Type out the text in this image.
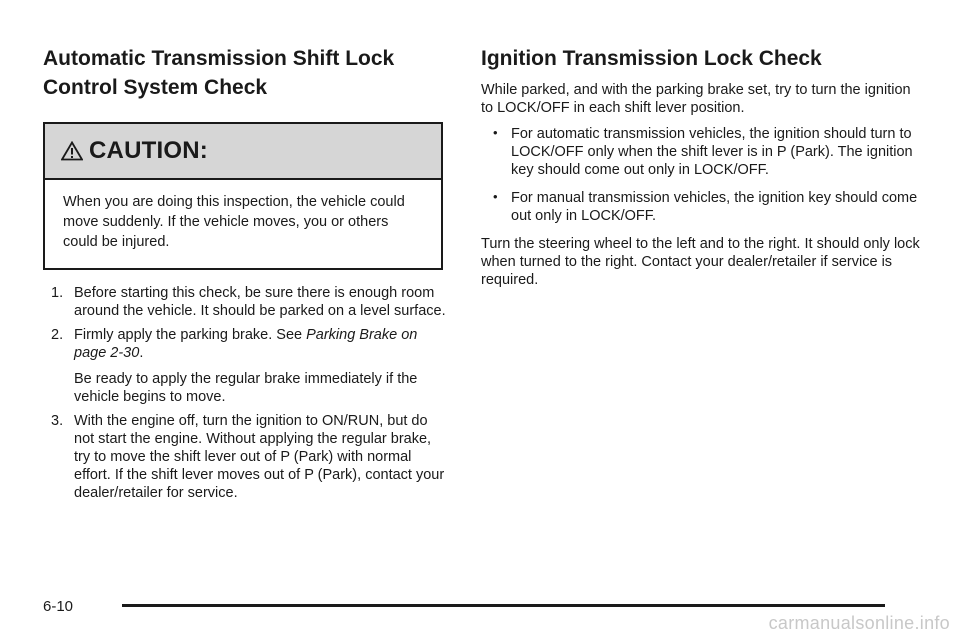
Automatic Transmission Shift Lock Control System Check
CAUTION:
When you are doing this inspection, the vehicle could move suddenly. If the vehicle moves, you or others could be injured.
1. Before starting this check, be sure there is enough room around the vehicle. It should be parked on a level surface.
2. Firmly apply the parking brake. See Parking Brake on page 2-30.
Be ready to apply the regular brake immediately if the vehicle begins to move.
3. With the engine off, turn the ignition to ON/RUN, but do not start the engine. Without applying the regular brake, try to move the shift lever out of P (Park) with normal effort. If the shift lever moves out of P (Park), contact your dealer/retailer for service.
Ignition Transmission Lock Check

While parked, and with the parking brake set, try to turn the ignition to LOCK/OFF in each shift lever position.

• For automatic transmission vehicles, the ignition should turn to LOCK/OFF only when the shift lever is in P (Park). The ignition key should come out only in LOCK/OFF.
• For manual transmission vehicles, the ignition key should come out only in LOCK/OFF.

Turn the steering wheel to the left and to the right. It should only lock when turned to the right. Contact your dealer/retailer if service is required.

6-10
carmanualsonline.info
